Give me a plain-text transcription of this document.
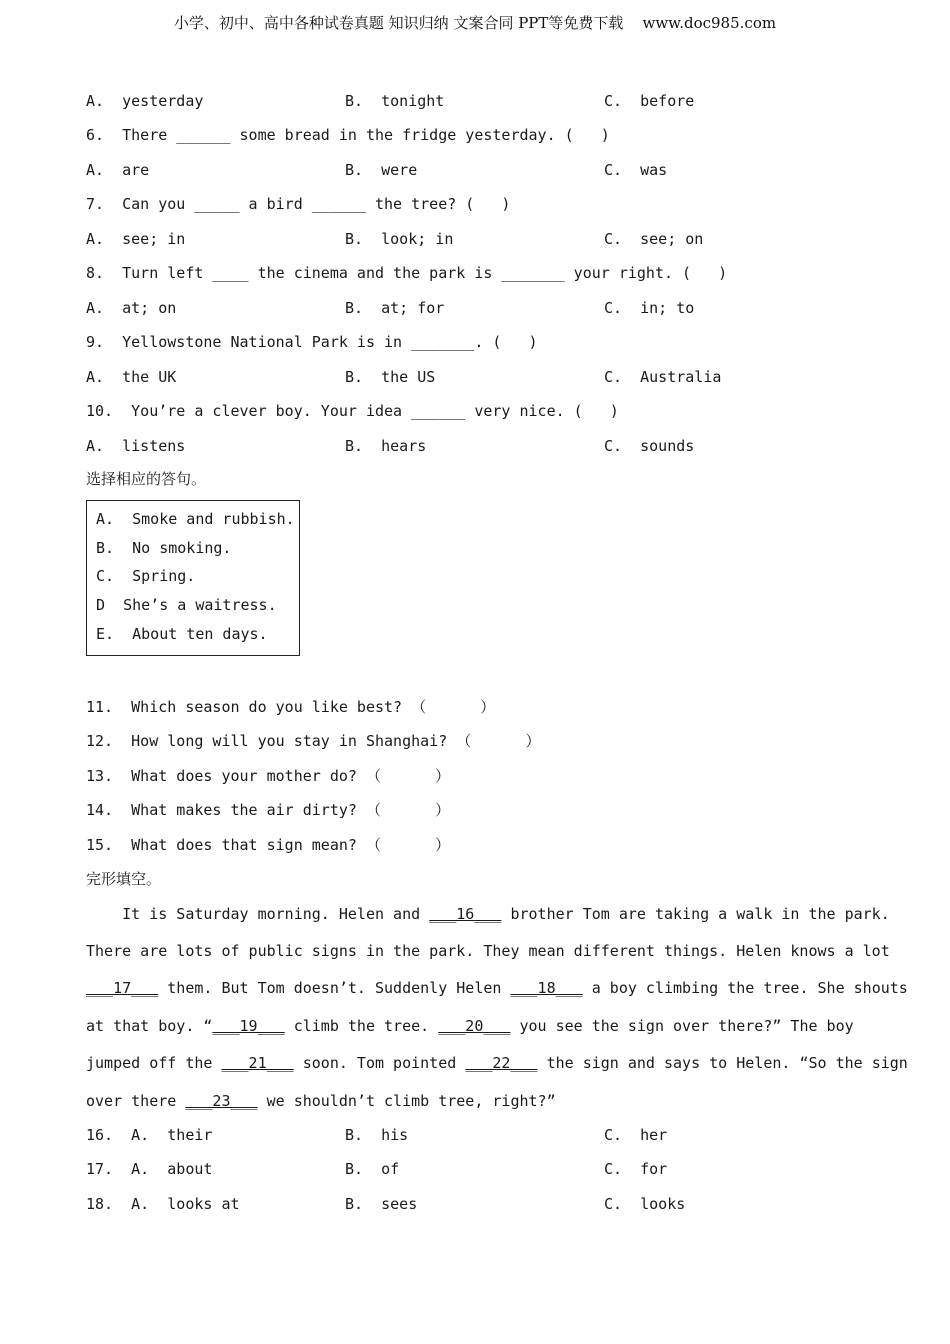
小学、初中、高中各种试卷真题 知识归纳 文案合同 PPT等免费下载    www.doc985.com
A.  yesterday	B.  tonight	C.  before
6.  There ______ some bread in the fridge yesterday. (   )
A.  are	B.  were	C.  was
7.  Can you _____ a bird ______ the tree? (   )
A.  see; in	B.  look; in	C.  see; on
8.  Turn left ____ the cinema and the park is _______ your right. (   )
A.  at; on	B.  at; for	C.  in; to
9.  Yellowstone National Park is in _______. (   )
A.  the UK	B.  the US	C.  Australia
10.  You’re a clever boy. Your idea ______ very nice. (   )
A.  listens	B.  hears	C.  sounds
选择相应的答句。
A.  Smoke and rubbish.
B.  No smoking.
C.  Spring.
D  She’s a waitress.
E.  About ten days.
11.  Which season do you like best? （      ）
12.  How long will you stay in Shanghai? （      ）
13.  What does your mother do? （      ）
14.  What makes the air dirty? （      ）
15.  What does that sign mean? （      ）
完形填空。
It is Saturday morning. Helen and ___16___ brother Tom are taking a walk in the park.
There are lots of public signs in the park. They mean different things. Helen knows a lot
___17___ them. But Tom doesn’t. Suddenly Helen ___18___ a boy climbing the tree. She shouts
at that boy. “___19___ climb the tree. ___20___ you see the sign over there?” The boy
jumped off the ___21___ soon. Tom pointed ___22___ the sign and says to Helen. “So the sign
over there ___23___ we shouldn’t climb tree, right?”
16.  A.  their	B.  his	C.  her
17.  A.  about	B.  of	C.  for
18.  A.  looks at	B.  sees	C.  looks
